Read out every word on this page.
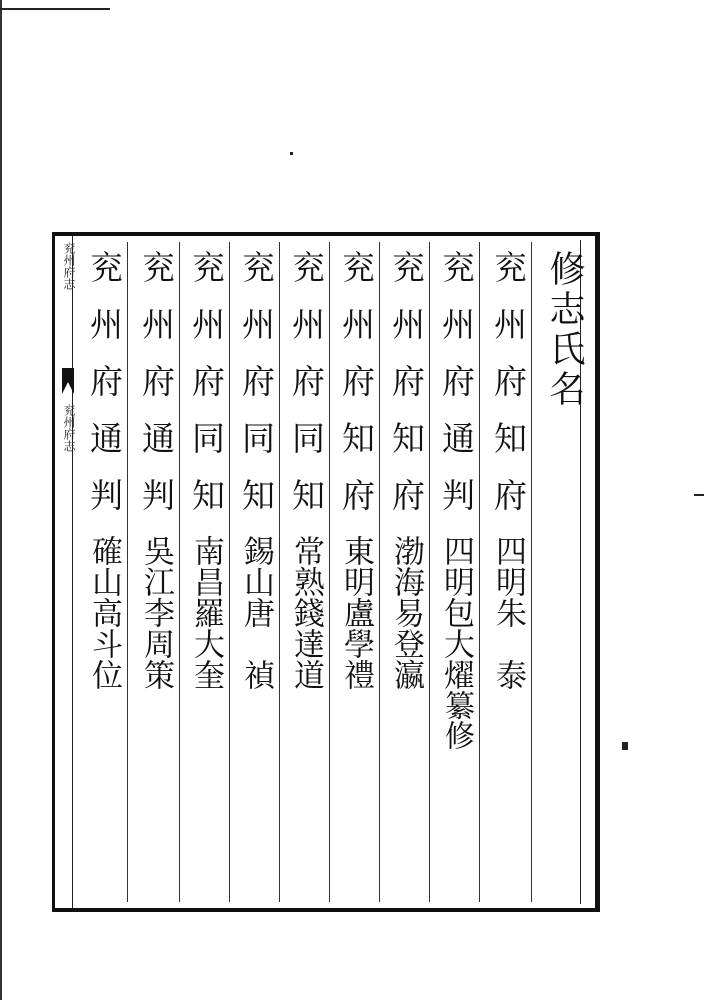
兖州府志
兖州府志
修志氏名
兖州府知府四明朱　泰
兖州府通判四明包大燿纂修
兖州府知府渤海易登瀛
兖州府知府東明盧學禮
兖州府同知常熟錢達道
兖州府同知錫山唐　禎
兖州府同知南昌羅大奎
兖州府通判吳江李周策
兖州府通判確山高斗位
